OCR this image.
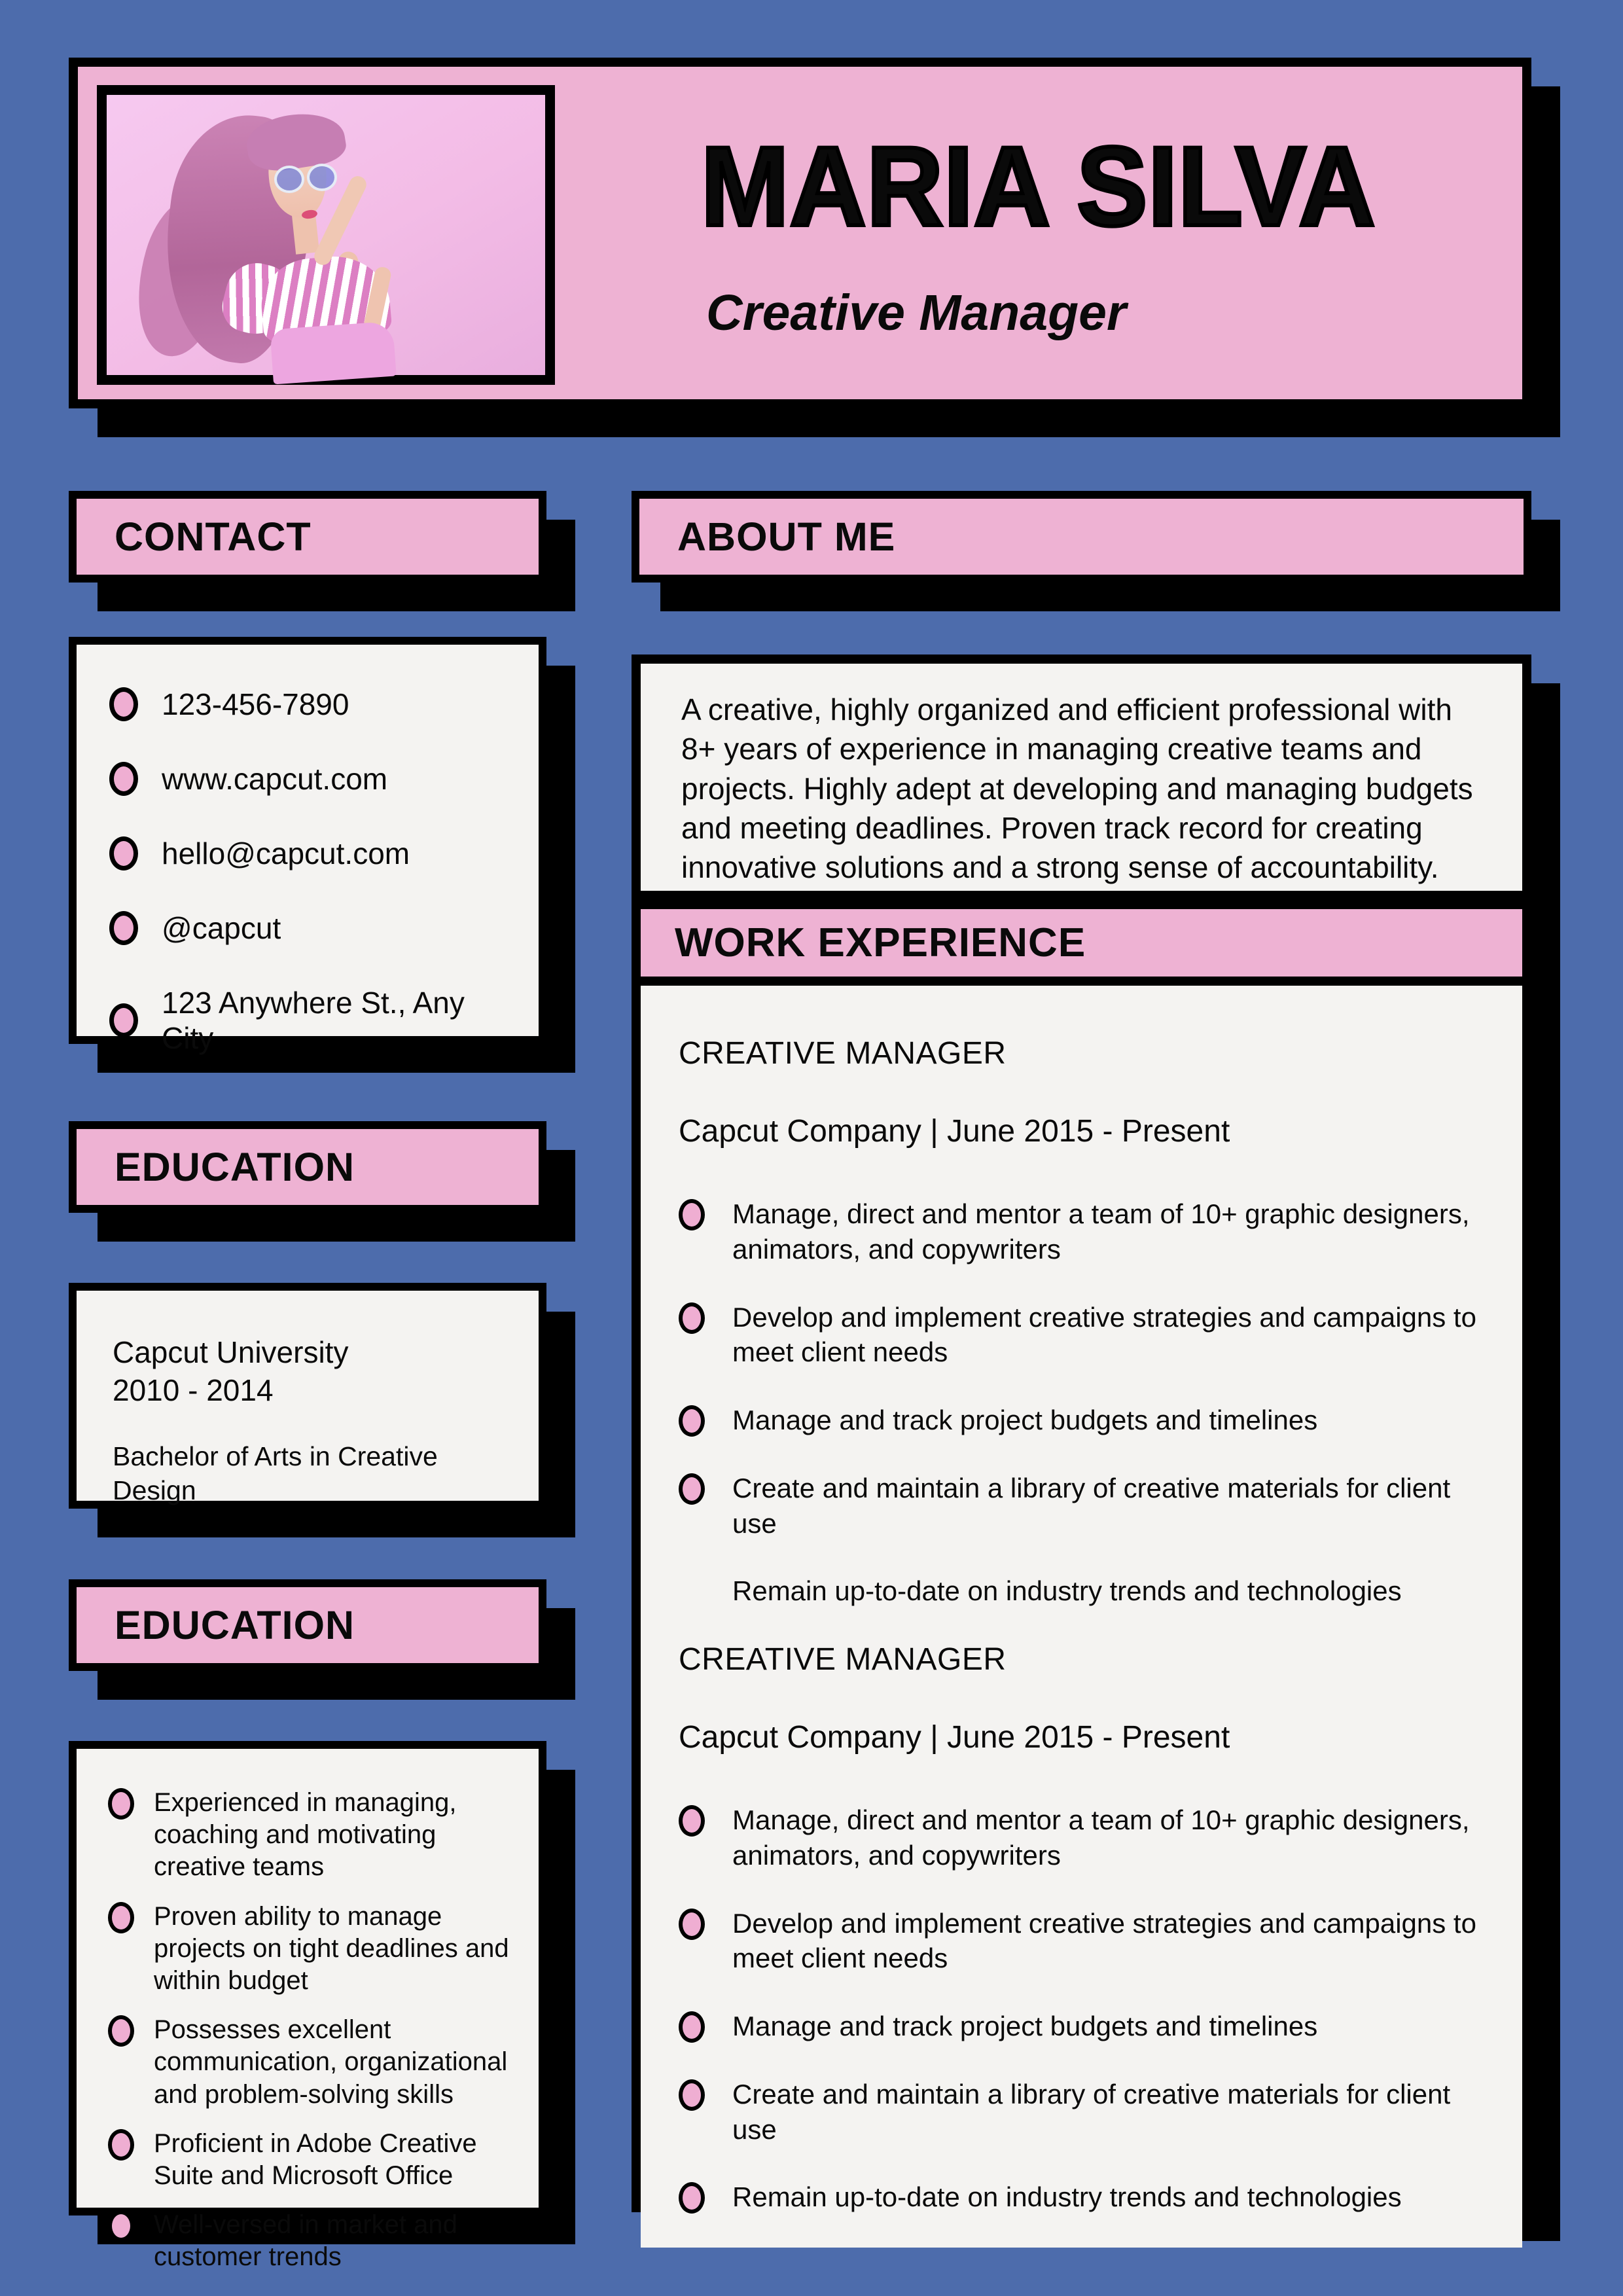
MARIA SILVA
Creative Manager
CONTACT
123-456-7890
www.capcut.com
hello@capcut.com
@capcut
123 Anywhere St., Any City
EDUCATION
Capcut University
2010 - 2014
Bachelor of Arts in Creative Design
EDUCATION
Experienced in managing, coaching and motivating creative teams
Proven ability to manage projects on tight deadlines and within budget
Possesses excellent communication, organizational and problem-solving skills
Proficient in Adobe Creative Suite and Microsoft Office
Well-versed in market and customer trends
ABOUT ME

A creative, highly organized and efficient professional with 8+ years of experience in managing creative teams and projects. Highly adept at developing and managing budgets and meeting deadlines. Proven track record for creating innovative solutions and a strong sense of accountability.

WORK EXPERIENCE
CREATIVE MANAGER
Capcut Company | June 2015 - Present
Manage, direct and mentor a team of 10+ graphic designers, animators, and copywriters
Develop and implement creative strategies and campaigns to meet client needs
Manage and track project budgets and timelines
Create and maintain a library of creative materials for client use
Remain up-to-date on industry trends and technologies
CREATIVE MANAGER
Capcut Company | June 2015 - Present
Manage, direct and mentor a team of 10+ graphic designers, animators, and copywriters
Develop and implement creative strategies and campaigns to meet client needs
Manage and track project budgets and timelines
Create and maintain a library of creative materials for client use
Remain up-to-date on industry trends and technologies
